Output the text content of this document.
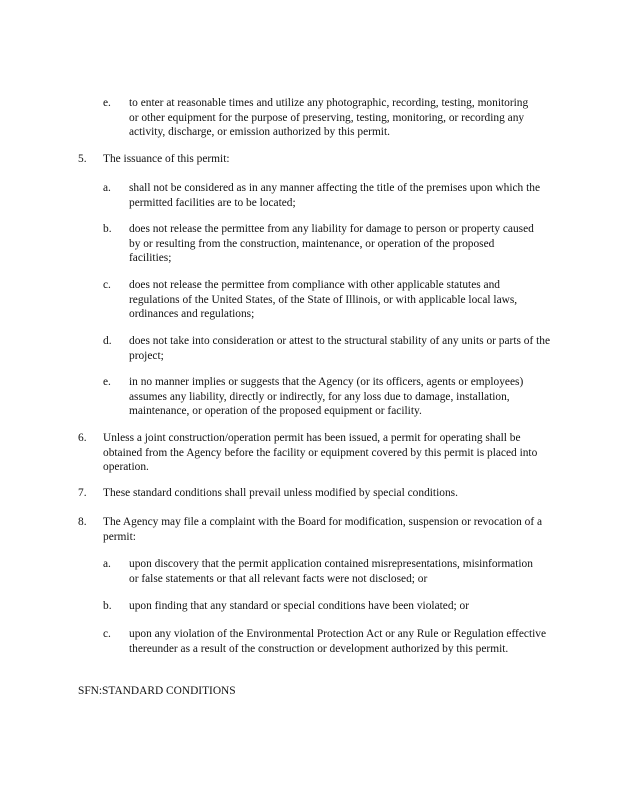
e. to enter at reasonable times and utilize any photographic, recording, testing, monitoring or other equipment for the purpose of preserving, testing, monitoring, or recording any activity, discharge, or emission authorized by this permit.
5. The issuance of this permit:
a. shall not be considered as in any manner affecting the title of the premises upon which the permitted facilities are to be located;
b. does not release the permittee from any liability for damage to person or property caused by or resulting from the construction, maintenance, or operation of the proposed facilities;
c. does not release the permittee from compliance with other applicable statutes and regulations of the United States, of the State of Illinois, or with applicable local laws, ordinances and regulations;
d. does not take into consideration or attest to the structural stability of any units or parts of the project;
e. in no manner implies or suggests that the Agency (or its officers, agents or employees) assumes any liability, directly or indirectly, for any loss due to damage, installation, maintenance, or operation of the proposed equipment or facility.
6. Unless a joint construction/operation permit has been issued, a permit for operating shall be obtained from the Agency before the facility or equipment covered by this permit is placed into operation.
7. These standard conditions shall prevail unless modified by special conditions.
8. The Agency may file a complaint with the Board for modification, suspension or revocation of a permit:
a. upon discovery that the permit application contained misrepresentations, misinformation or false statements or that all relevant facts were not disclosed; or
b. upon finding that any standard or special conditions have been violated; or
c. upon any violation of the Environmental Protection Act or any Rule or Regulation effective thereunder as a result of the construction or development authorized by this permit.
SFN:STANDARD CONDITIONS
